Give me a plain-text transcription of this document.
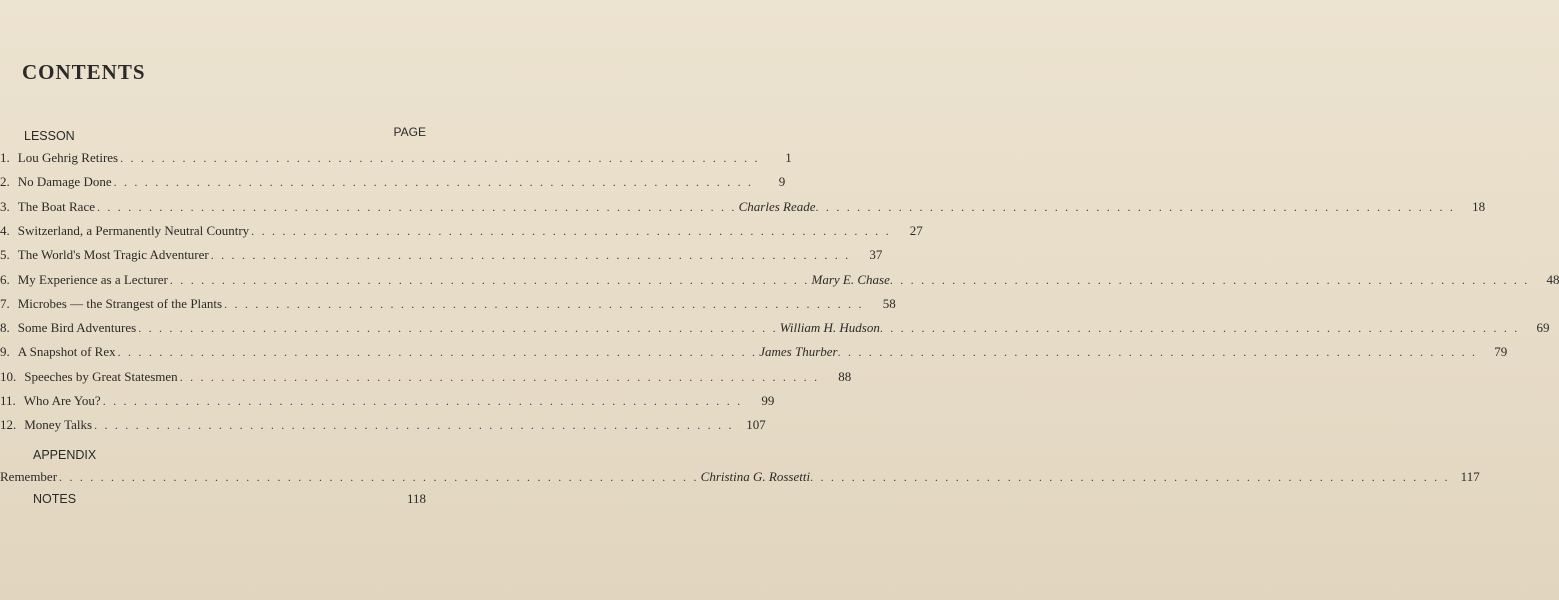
CONTENTS
LESSON	PAGE
1. Lou Gehrig Retires . . . . . . . . . . . . . . . . . . . . . . . . . . . . . . . . . . . . . . . . . . . . . . . . . . . . . . . . . . . . . .	1
2. No Damage Done . . . . . . . . . . . . . . . . . . . . . . . . . . . . . . . . . . . . . . . . . . . . . . . . . . . . . . . . . . . . . .	9
3. The Boat Race . . . . . . . . . . . . . . . . . . . . . . . . . . . . . . . . . . . . . . . . . . . . . . . . . . . . . . . . . . . . . . Charles Reade . . . . . . . . . . . . . . . . . . . . . . . . . . . . . . . . . . . . . . . . . . . . . . . . . . . . . . . . . . . . . .	18
4. Switzerland, a Permanently Neutral Country . . . . . . . . . . . . . . . . . . . . . . . . . . . . . . . . . . . . . . . . . . . . . . . . . . . . . . . . . . . . . .	27
5. The World's Most Tragic Adventurer . . . . . . . . . . . . . . . . . . . . . . . . . . . . . . . . . . . . . . . . . . . . . . . . . . . . . . . . . . . . . .	37
6. My Experience as a Lecturer . . . . . . . . . . . . . . . . . . . . . . . . . . . . . . . . . . . . . . . . . . . . . . . . . . . . . . . . . . . . . . Mary E. Chase . . . . . . . . . . . . . . . . . . . . . . . . . . . . . . . . . . . . . . . . . . . . . . . . . . . . . . . . . . . . . .	48
7. Microbes — the Strangest of the Plants . . . . . . . . . . . . . . . . . . . . . . . . . . . . . . . . . . . . . . . . . . . . . . . . . . . . . . . . . . . . . .	58
8. Some Bird Adventures . . . . . . . . . . . . . . . . . . . . . . . . . . . . . . . . . . . . . . . . . . . . . . . . . . . . . . . . . . . . . . William H. Hudson . . . . . . . . . . . . . . . . . . . . . . . . . . . . . . . . . . . . . . . . . . . . . . . . . . . . . . . . . . . . . .	69
9. A Snapshot of Rex . . . . . . . . . . . . . . . . . . . . . . . . . . . . . . . . . . . . . . . . . . . . . . . . . . . . . . . . . . . . . . James Thurber . . . . . . . . . . . . . . . . . . . . . . . . . . . . . . . . . . . . . . . . . . . . . . . . . . . . . . . . . . . . . .	79
10. Speeches by Great Statesmen . . . . . . . . . . . . . . . . . . . . . . . . . . . . . . . . . . . . . . . . . . . . . . . . . . . . . . . . . . . . . .	88
11. Who Are You? . . . . . . . . . . . . . . . . . . . . . . . . . . . . . . . . . . . . . . . . . . . . . . . . . . . . . . . . . . . . . .	99
12. Money Talks . . . . . . . . . . . . . . . . . . . . . . . . . . . . . . . . . . . . . . . . . . . . . . . . . . . . . . . . . . . . . . 107
APPENDIX
Remember . . . . . . . . . . . . . . . . . . . . . . . . . . . . . . . . . . . . . . . . . . . . . . . . . . . . . . . . . . . . . . Christina G. Rossetti . . . . . . . . . . . . . . . . . . . . . . . . . . . . . . . . . . . . . . . . . . . . . . . . . . . . . . . . . . . . . . 117
NOTES	118
